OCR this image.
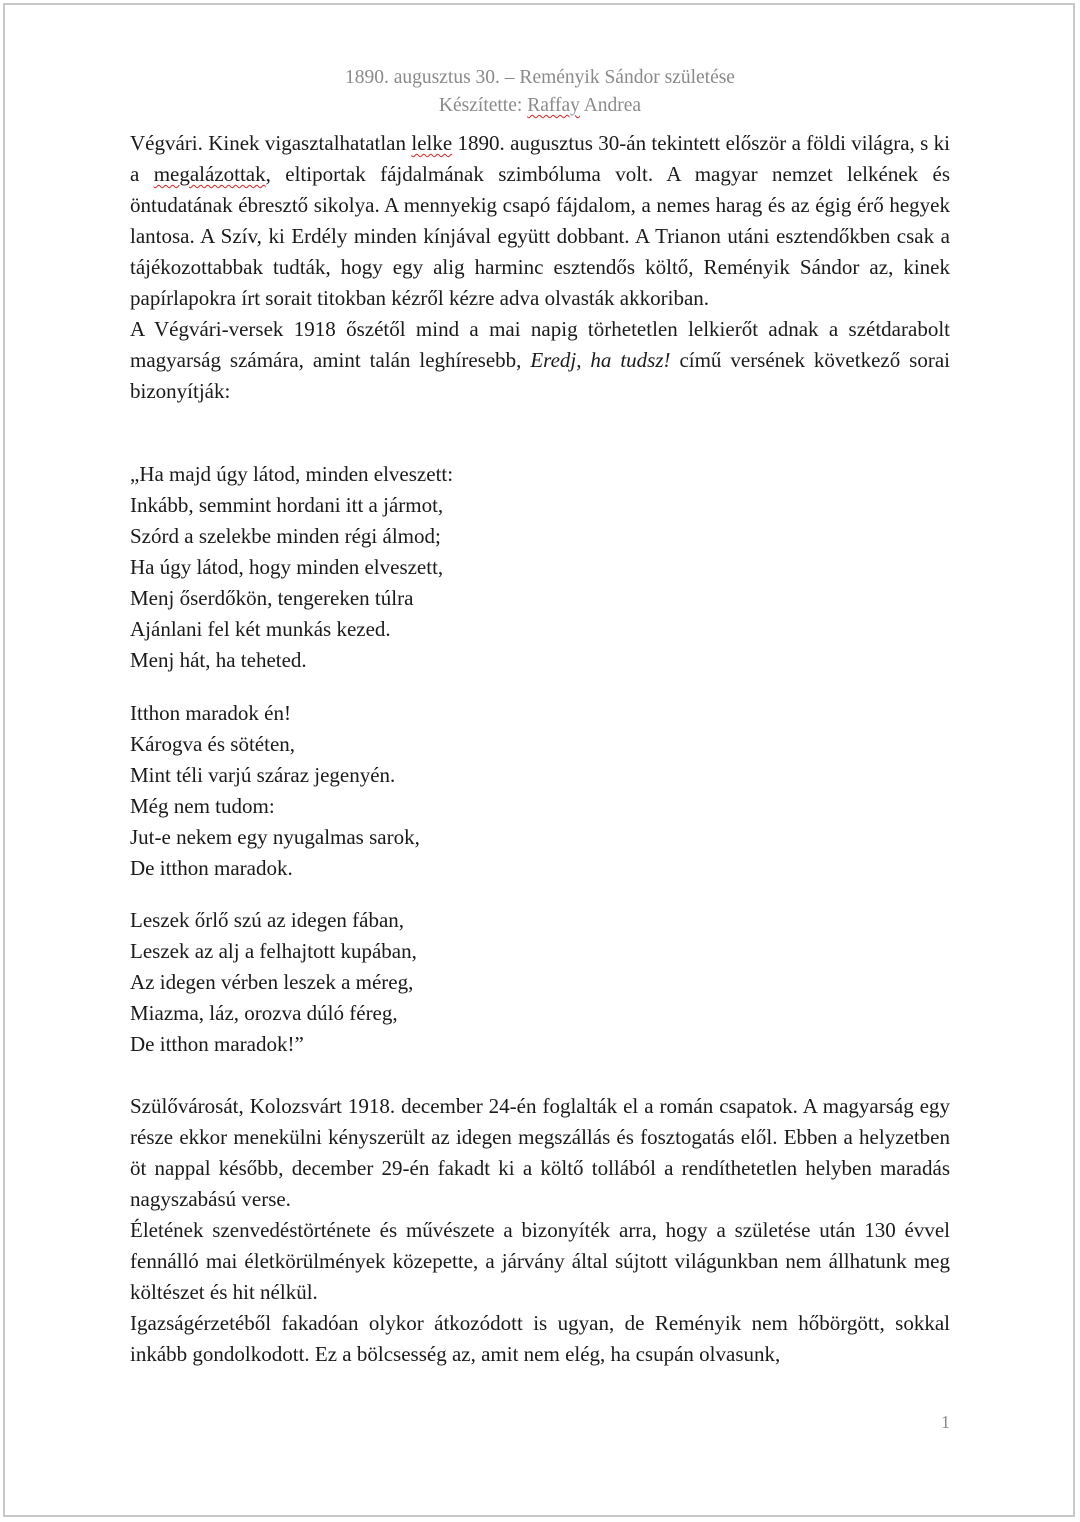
1890. augusztus 30. – Reményik Sándor születése
Készítette: Raffay Andrea

Végvári. Kinek vigasztalhatatlan lelke 1890. augusztus 30-án tekintett először a földi világra, s ki a megalázottak, eltiportak fájdalmának szimbóluma volt. A magyar nemzet lelkének és öntudatának ébresztő sikolya. A mennyekig csapó fájdalom, a nemes harag és az égig érő hegyek lantosa. A Szív, ki Erdély minden kínjával együtt dobbant. A Trianon utáni esztendőkben csak a tájékozottabbak tudták, hogy egy alig harminc esztendős költő, Reményik Sándor az, kinek papírlapokra írt sorait titokban kézről kézre adva olvasták akkoriban.

A Végvári-versek 1918 őszétől mind a mai napig törhetetlen lelkierőt adnak a szétdarabolt magyarság számára, amint talán leghíresebb, Eredj, ha tudsz! című versének következő sorai bizonyítják:

„Ha majd úgy látod, minden elveszett:

Inkább, semmint hordani itt a jármot,

Szórd a szelekbe minden régi álmod;

Ha úgy látod, hogy minden elveszett,

Menj őserdőkön, tengereken túlra

Ajánlani fel két munkás kezed.

Menj hát, ha teheted.

Itthon maradok én!

Károgva és sötéten,

Mint téli varjú száraz jegenyén.

Még nem tudom:

Jut-e nekem egy nyugalmas sarok,

De itthon maradok.

Leszek őrlő szú az idegen fában,

Leszek az alj a felhajtott kupában,

Az idegen vérben leszek a méreg,

Miazma, láz, orozva dúló féreg,

De itthon maradok!”

Szülővárosát, Kolozsvárt 1918. december 24-én foglalták el a román csapatok. A magyarság egy része ekkor menekülni kényszerült az idegen megszállás és fosztogatás elől. Ebben a helyzetben öt nappal később, december 29-én fakadt ki a költő tollából a rendíthetetlen helyben maradás nagyszabású verse.

Életének szenvedéstörténete és művészete a bizonyíték arra, hogy a születése után 130 évvel fennálló mai életkörülmények közepette, a járvány által sújtott világunkban nem állhatunk meg költészet és hit nélkül.

Igazságérzetéből fakadóan olykor átkozódott is ugyan, de Reményik nem hőbörgött, sokkal inkább gondolkodott. Ez a bölcsesség az, amit nem elég, ha csupán olvasunk,

1
